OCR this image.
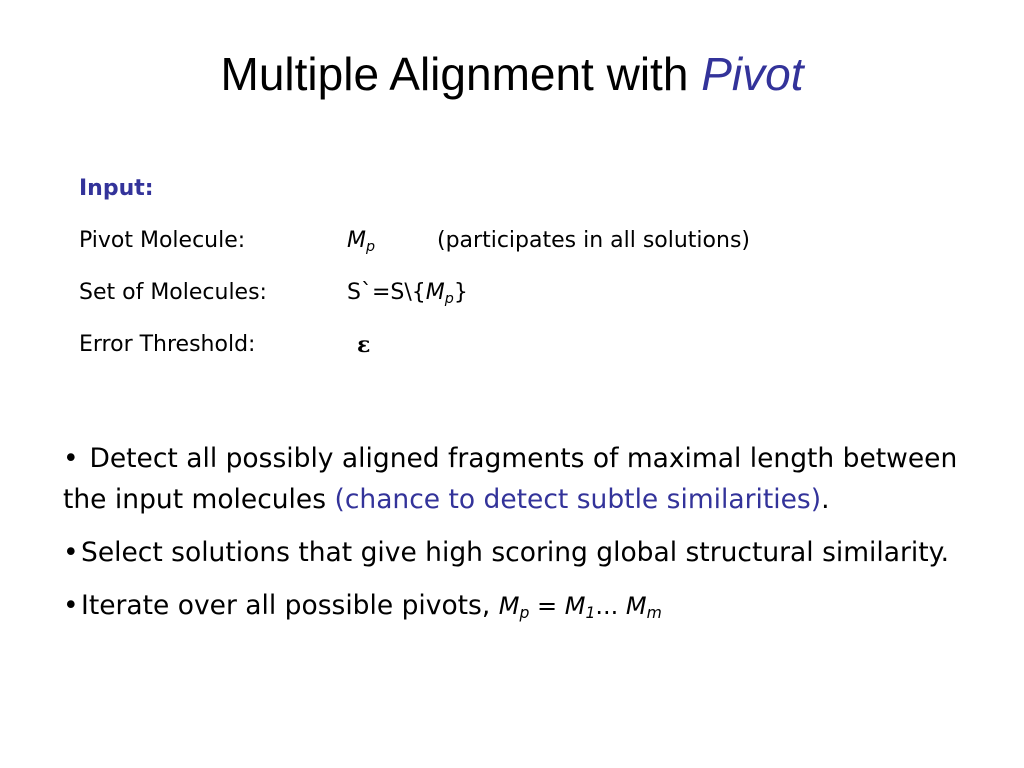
Multiple Alignment with Pivot
Input:
Pivot Molecule:	$M_p$	(participates in all solutions)
Set of Molecules:	$S`=S\backslash\{M_p\}$
Error Threshold:	ε
• Detect all possibly aligned fragments of maximal length between the input molecules (chance to detect subtle similarities).
•Select solutions that give high scoring global structural similarity.
•Iterate over all possible pivots, $M_p = M_1$... $M_m$
